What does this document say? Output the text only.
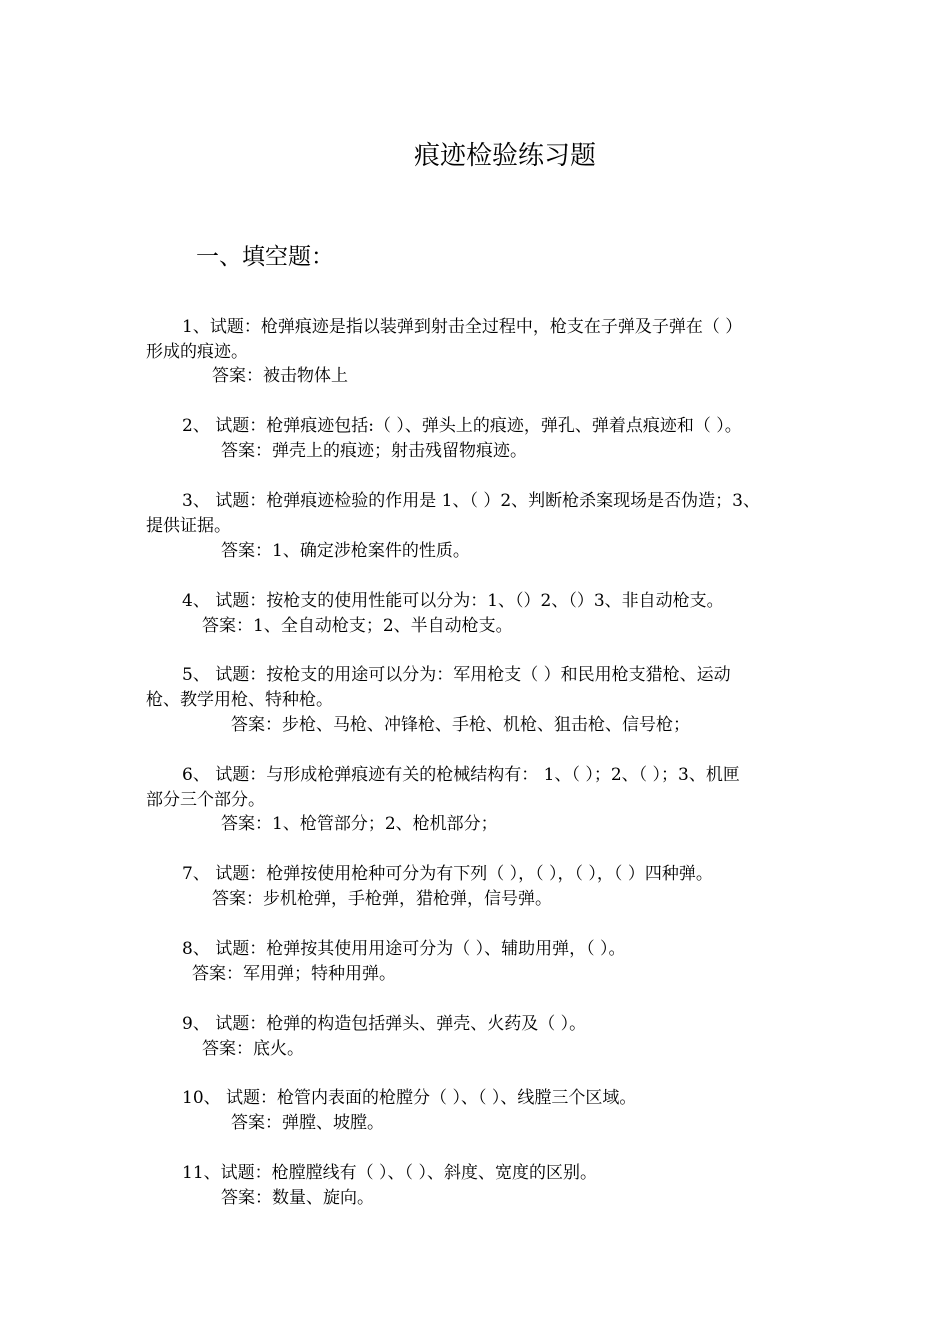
痕迹检验练习题
一、填空题：
1、试题：枪弹痕迹是指以装弹到射击全过程中，枪支在子弹及子弹在（ ）
形成的痕迹。
答案：被击物体上
2、 试题：枪弹痕迹包括:（ ）、弹头上的痕迹，弹孔、弹着点痕迹和（ ）。
答案：弹壳上的痕迹；射击残留物痕迹。
3、 试题：枪弹痕迹检验的作用是 1、（ ）2、判断枪杀案现场是否伪造；3、
提供证据。
答案：1、确定涉枪案件的性质。
4、 试题：按枪支的使用性能可以分为：1、（）2、（）3、非自动枪支。
答案：1、全自动枪支；2、半自动枪支。
5、 试题：按枪支的用途可以分为：军用枪支（ ）和民用枪支猎枪、运动
枪、教学用枪、特种枪。
答案：步枪、马枪、冲锋枪、手枪、机枪、狙击枪、信号枪；
6、 试题：与形成枪弹痕迹有关的枪械结构有： 1、（ ）；2、（ ）；3、机匣
部分三个部分。
答案：1、枪管部分；2、枪机部分；
7、 试题：枪弹按使用枪种可分为有下列（ ），（ ），（ ），（ ）四种弹。
答案：步机枪弹，手枪弹，猎枪弹，信号弹。
8、 试题：枪弹按其使用用途可分为（ ）、辅助用弹，（ ）。
答案：军用弹；特种用弹。
9、 试题：枪弹的构造包括弹头、弹壳、火药及（ ）。
答案：底火。
10、 试题：枪管内表面的枪膛分（ ）、（ ）、线膛三个区域。
答案：弹膛、坡膛。
11、试题：枪膛膛线有（ ）、（ ）、斜度、宽度的区别。
答案：数量、旋向。
